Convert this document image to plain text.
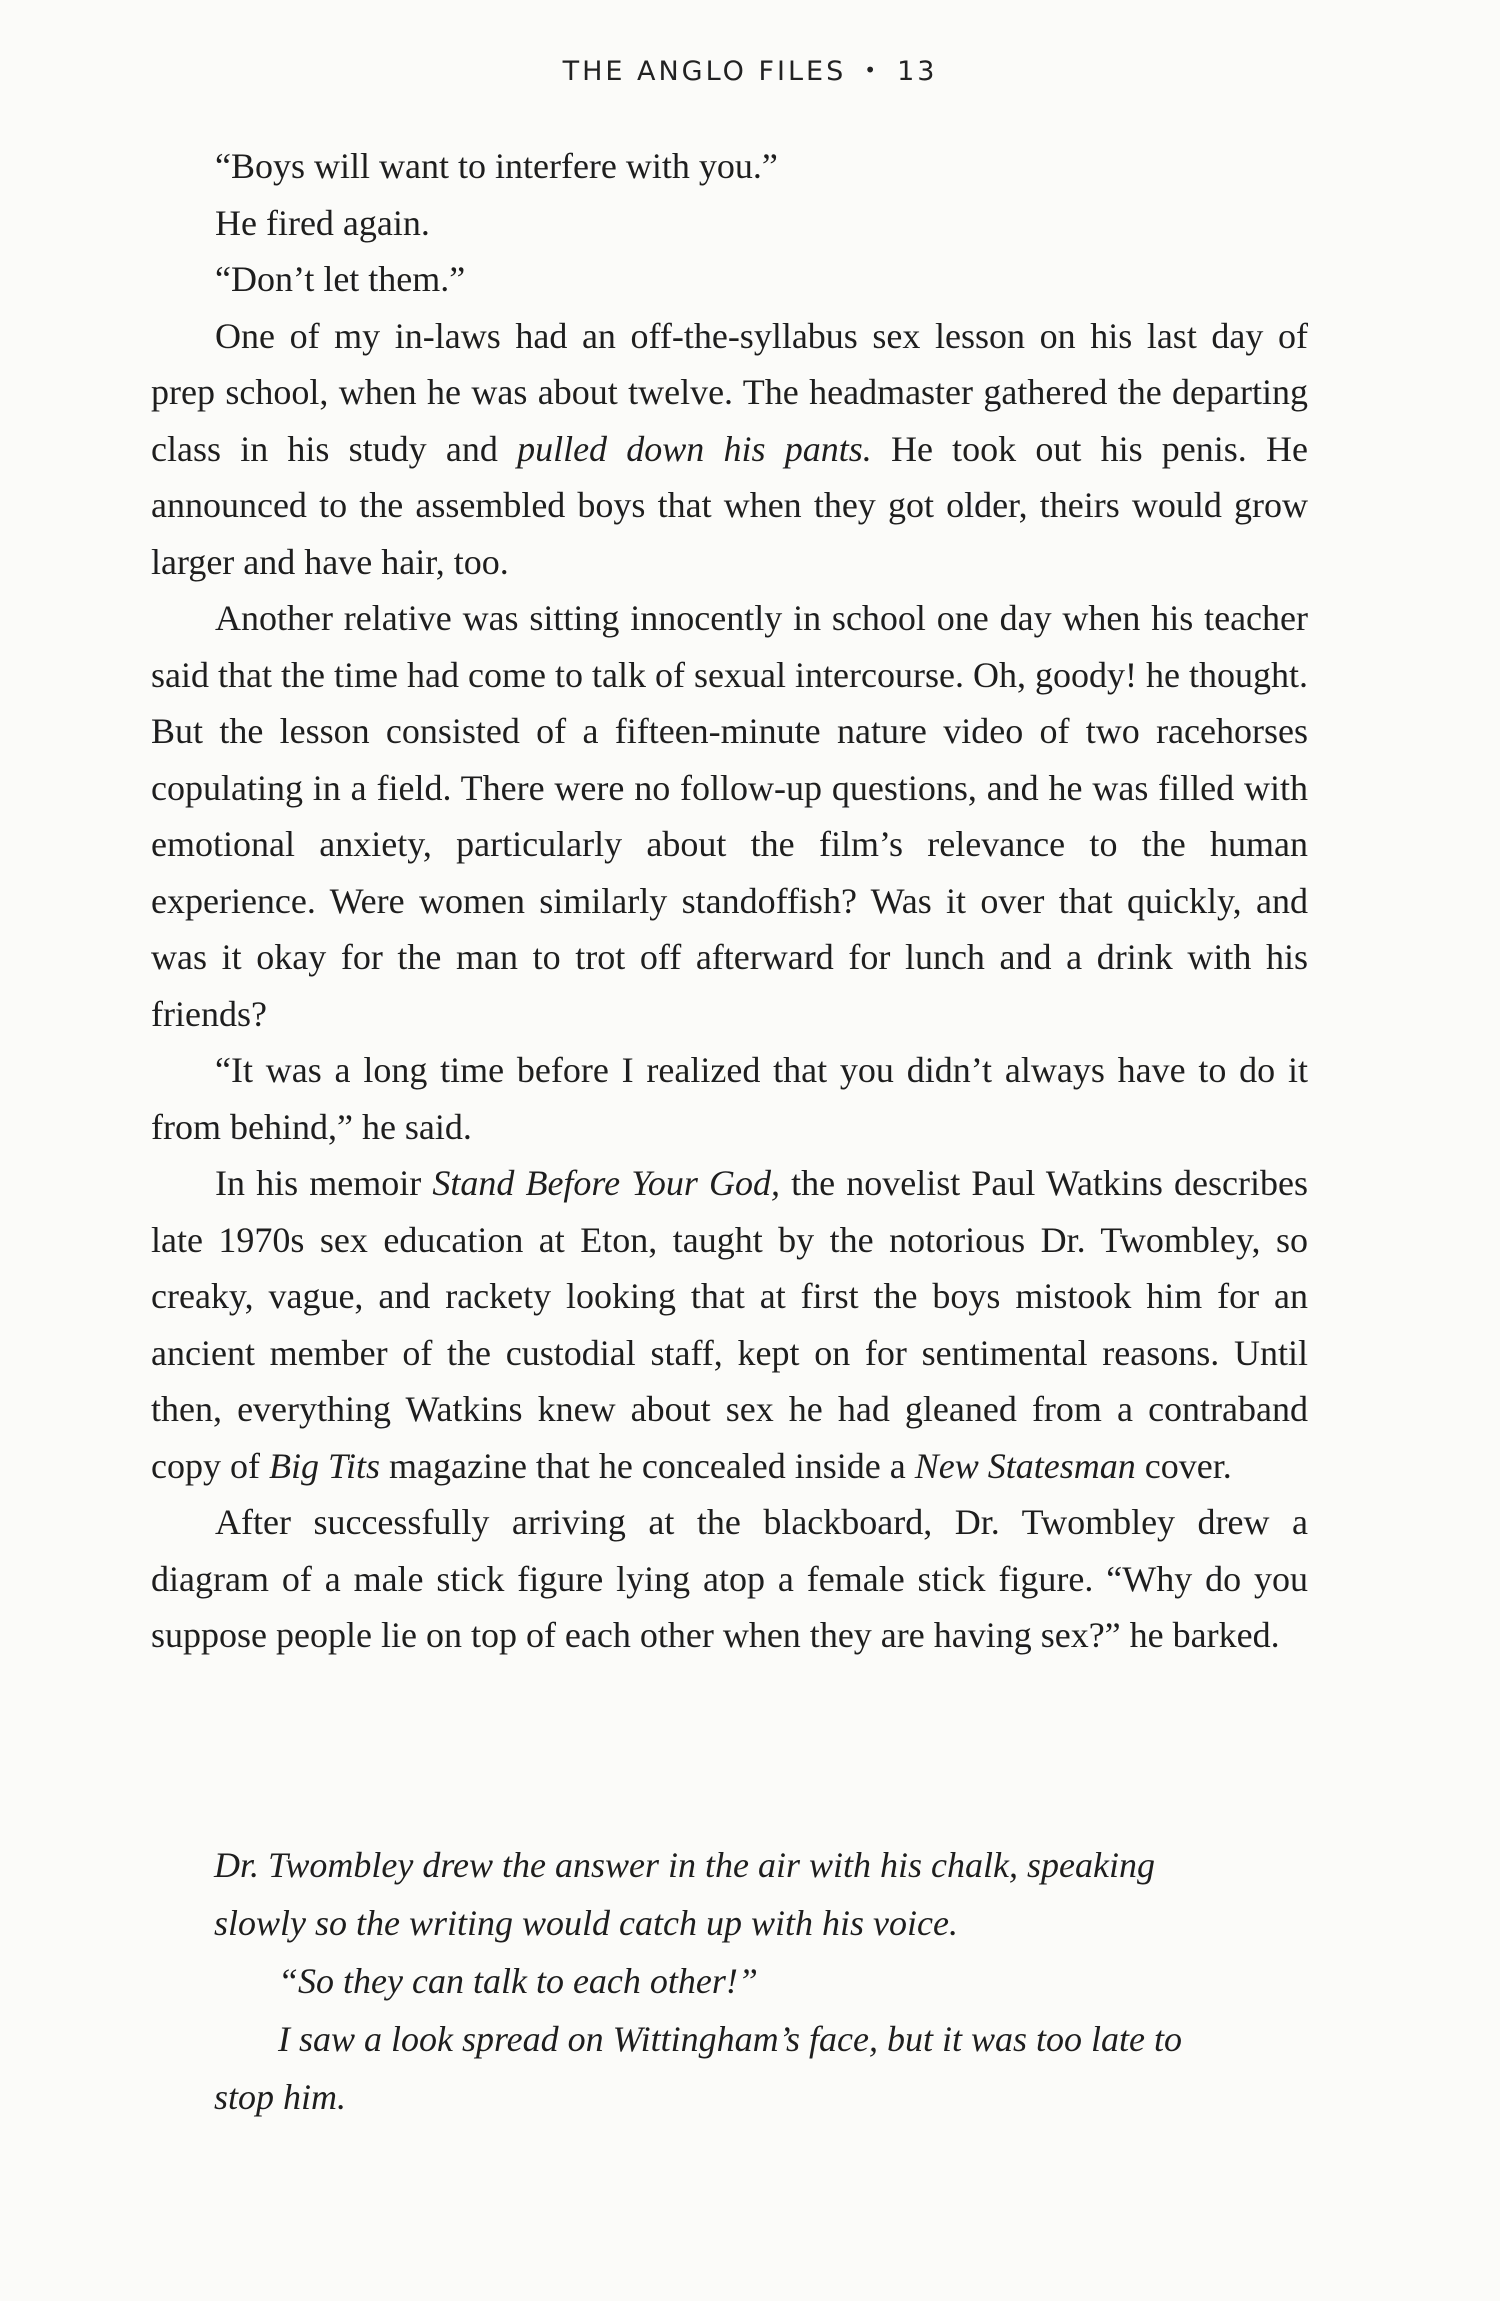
THE ANGLO FILES • 13

“Boys will want to interfere with you.”

He fired again.

“Don’t let them.”

One of my in-laws had an off-the-syllabus sex lesson on his last day of prep school, when he was about twelve. The headmaster gathered the departing class in his study and pulled down his pants. He took out his penis. He announced to the assembled boys that when they got older, theirs would grow larger and have hair, too.

Another relative was sitting innocently in school one day when his teacher said that the time had come to talk of sexual intercourse. Oh, goody! he thought. But the lesson consisted of a fifteen-minute nature video of two racehorses copulating in a field. There were no follow-up questions, and he was filled with emotional anxiety, particularly about the film’s relevance to the human experience. Were women similarly standoffish? Was it over that quickly, and was it okay for the man to trot off afterward for lunch and a drink with his friends?

“It was a long time before I realized that you didn’t always have to do it from behind,” he said.

In his memoir Stand Before Your God, the novelist Paul Watkins describes late 1970s sex education at Eton, taught by the notorious Dr. Twombley, so creaky, vague, and rackety looking that at first the boys mistook him for an ancient member of the custodial staff, kept on for sentimental reasons. Until then, everything Watkins knew about sex he had gleaned from a contraband copy of Big Tits magazine that he concealed inside a New Statesman cover.

After successfully arriving at the blackboard, Dr. Twombley drew a diagram of a male stick figure lying atop a female stick figure. “Why do you suppose people lie on top of each other when they are having sex?” he barked.

Dr. Twombley drew the answer in the air with his chalk, speaking slowly so the writing would catch up with his voice.

“So they can talk to each other!”

I saw a look spread on Wittingham’s face, but it was too late to stop him.
